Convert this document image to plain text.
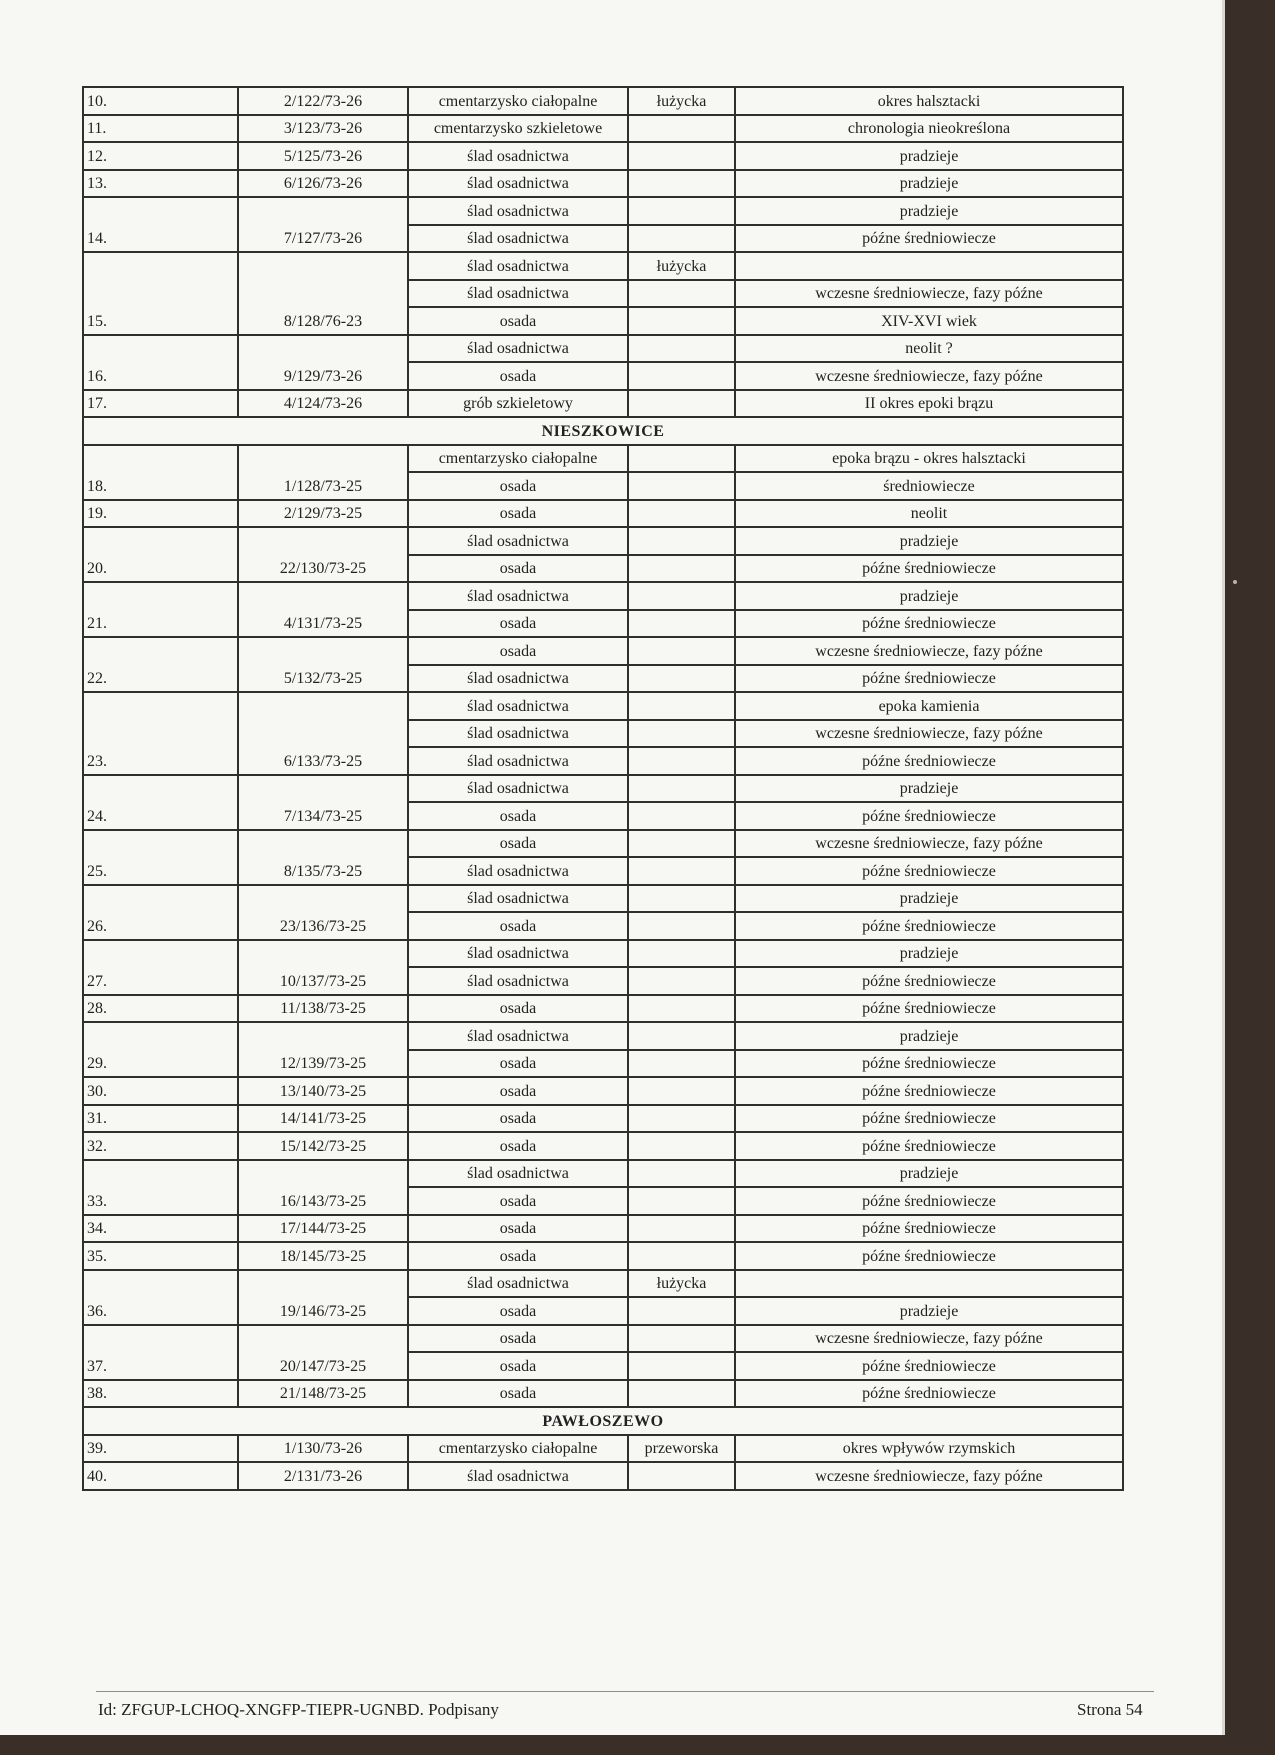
10.	2/122/73-26	cmentarzysko ciałopalne	łużycka	okres halsztacki
11.	3/123/73-26	cmentarzysko szkieletowe		chronologia nieokreślona
12.	5/125/73-26	ślad osadnictwa		pradzieje
13.	6/126/73-26	ślad osadnictwa		pradzieje
14.	7/127/73-26	ślad osadnictwa		pradzieje
		ślad osadnictwa		późne średniowiecze
15.	8/128/76-23	ślad osadnictwa	łużycka	
		ślad osadnictwa		wczesne średniowiecze, fazy późne
		osada		XIV-XVI wiek
16.	9/129/73-26	ślad osadnictwa		neolit ?
		osada		wczesne średniowiecze, fazy późne
17.	4/124/73-26	grób szkieletowy		II okres epoki brązu
NIESZKOWICE				
18.	1/128/73-25	cmentarzysko ciałopalne		epoka brązu - okres halsztacki
		osada		średniowiecze
19.	2/129/73-25	osada		neolit
20.	22/130/73-25	ślad osadnictwa		pradzieje
		osada		późne średniowiecze
21.	4/131/73-25	ślad osadnictwa		pradzieje
		osada		późne średniowiecze
22.	5/132/73-25	osada		wczesne średniowiecze, fazy późne
		ślad osadnictwa		późne średniowiecze
23.	6/133/73-25	ślad osadnictwa		epoka kamienia
		ślad osadnictwa		wczesne średniowiecze, fazy późne
		ślad osadnictwa		późne średniowiecze
24.	7/134/73-25	ślad osadnictwa		pradzieje
		osada		późne średniowiecze
25.	8/135/73-25	osada		wczesne średniowiecze, fazy późne
		ślad osadnictwa		późne średniowiecze
26.	23/136/73-25	ślad osadnictwa		pradzieje
		osada		późne średniowiecze
27.	10/137/73-25	ślad osadnictwa		pradzieje
		ślad osadnictwa		późne średniowiecze
28.	11/138/73-25	osada		późne średniowiecze
29.	12/139/73-25	ślad osadnictwa		pradzieje
		osada		późne średniowiecze
30.	13/140/73-25	osada		późne średniowiecze
31.	14/141/73-25	osada		późne średniowiecze
32.	15/142/73-25	osada		późne średniowiecze
33.	16/143/73-25	ślad osadnictwa		pradzieje
		osada		późne średniowiecze
34.	17/144/73-25	osada		późne średniowiecze
35.	18/145/73-25	osada		późne średniowiecze
36.	19/146/73-25	ślad osadnictwa	łużycka	
		osada		pradzieje
37.	20/147/73-25	osada		wczesne średniowiecze, fazy późne
		osada		późne średniowiecze
38.	21/148/73-25	osada		późne średniowiecze
PAWŁOSZEWO				
39.	1/130/73-26	cmentarzysko ciałopalne	przeworska	okres wpływów rzymskich
40.	2/131/73-26	ślad osadnictwa		wczesne średniowiecze, fazy późne
Id: ZFGUP-LCHOQ-XNGFP-TIEPR-UGNBD. Podpisany	Strona 54
